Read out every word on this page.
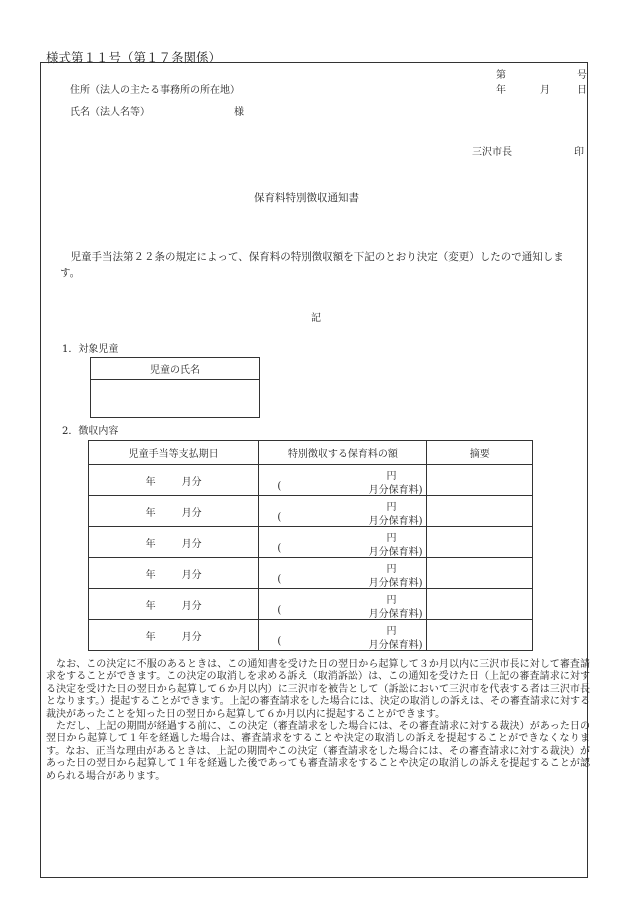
様式第１１号（第１７条関係）
第	号
年	月	日
住所（法人の主たる事務所の所在地）
氏名（法人名等）	様
三沢市長	印
保育料特別徴収通知書
児童手当法第２２条の規定によって、保育料の特別徴収額を下記のとおり決定（変更）したので通知します。
記
1．対象児童
児童の氏名

2．徴収内容
児童手当等支払期日	特別徴収する保育料の額	摘要

年 月分	円
( 月分保育料)	

年 月分	円
( 月分保育料)	

年 月分	円
( 月分保育料)	

年 月分	円
( 月分保育料)	

年 月分	円
( 月分保育料)	

年 月分	円
( 月分保育料)	

なお、この決定に不服のあるときは、この通知書を受けた日の翌日から起算して３か月以内に三沢市長に対して審査請求をすることができます。この決定の取消しを求める訴え（取消訴訟）は、この通知を受けた日（上記の審査請求に対する決定を受けた日の翌日から起算して６か月以内）に三沢市を被告として（訴訟において三沢市を代表する者は三沢市長となります。）提起することができます。上記の審査請求をした場合には、決定の取消しの訴えは、その審査請求に対する裁決があったことを知った日の翌日から起算して６か月以内に提起することができます。

ただし、上記の期間が経過する前に、この決定（審査請求をした場合には、その審査請求に対する裁決）があった日の翌日から起算して１年を経過した場合は、審査請求をすることや決定の取消しの訴えを提起することができなくなります。なお、正当な理由があるときは、上記の期間やこの決定（審査請求をした場合には、その審査請求に対する裁決）があった日の翌日から起算して１年を経過した後であっても審査請求をすることや決定の取消しの訴えを提起することが認められる場合があります。
